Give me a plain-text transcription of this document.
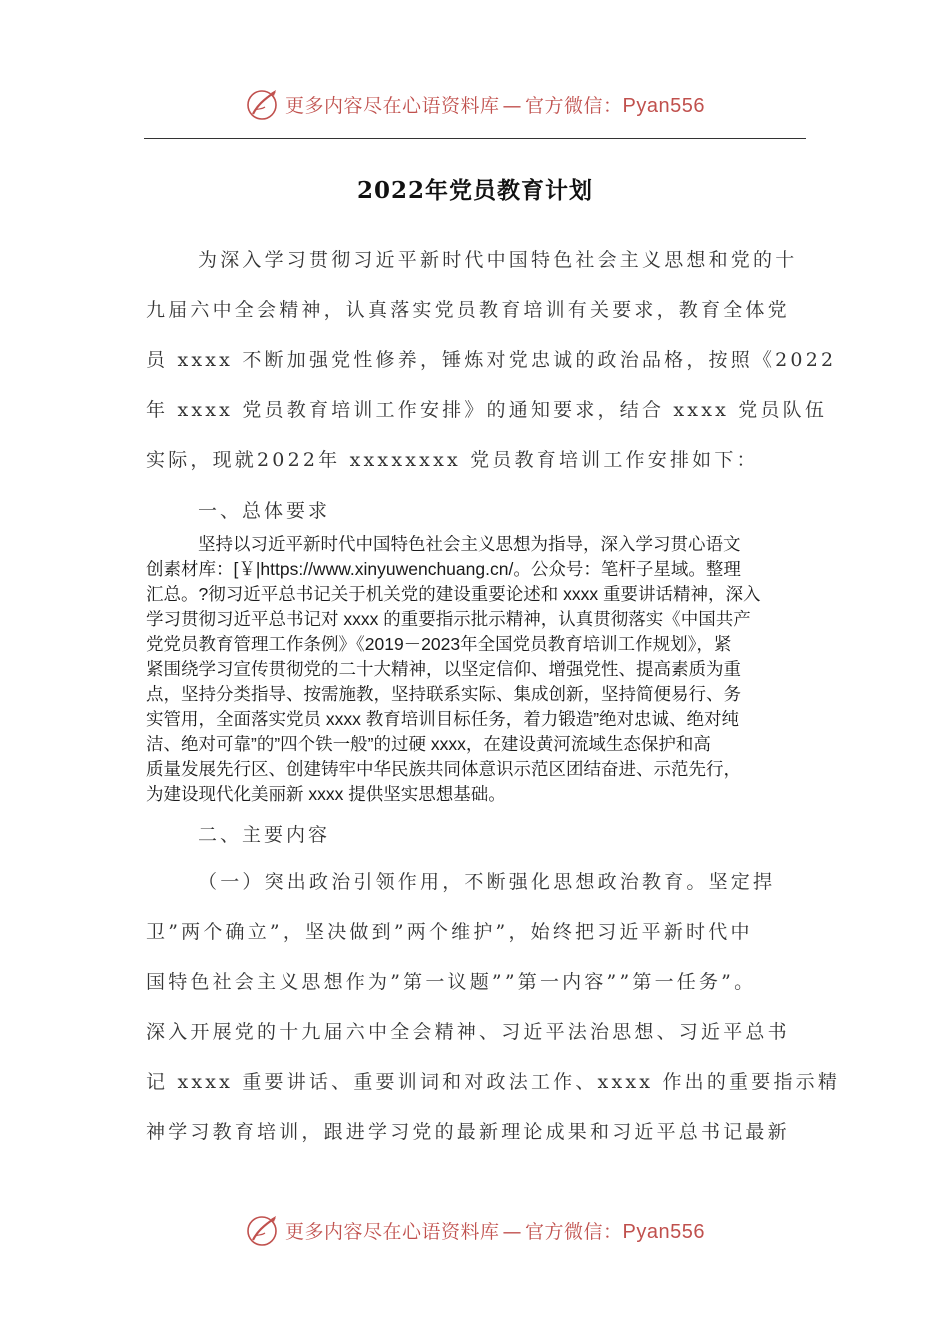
更多内容尽在心语资料库 — 官方微信：Pyan556
2022年党员教育计划
为深入学习贯彻习近平新时代中国特色社会主义思想和党的十
九届六中全会精神，认真落实党员教育培训有关要求，教育全体党
员 xxxx 不断加强党性修养，锤炼对党忠诚的政治品格，按照《2022
年 xxxx 党员教育培训工作安排》的通知要求，结合 xxxx 党员队伍
实际，现就2022年 xxxxxxxx 党员教育培训工作安排如下：
一、总体要求
坚持以习近平新时代中国特色社会主义思想为指导，深入学习贯心语文
创素材库：[￥|https://www.xinyuwenchuang.cn/。公众号：笔杆子星域。整理
汇总。?彻习近平总书记关于机关党的建设重要论述和 xxxx 重要讲话精神，深入
学习贯彻习近平总书记对 xxxx 的重要指示批示精神，认真贯彻落实《中国共产
党党员教育管理工作条例》《2019－2023年全国党员教育培训工作规划》，紧
紧围绕学习宣传贯彻党的二十大精神，以坚定信仰、增强党性、提高素质为重
点，坚持分类指导、按需施教，坚持联系实际、集成创新，坚持简便易行、务
实管用，全面落实党员 xxxx 教育培训目标任务，着力锻造”绝对忠诚、绝对纯
洁、绝对可靠”的”四个铁一般”的过硬 xxxx，在建设黄河流域生态保护和高
质量发展先行区、创建铸牢中华民族共同体意识示范区团结奋进、示范先行，
为建设现代化美丽新 xxxx 提供坚实思想基础。
二、主要内容
（一）突出政治引领作用，不断强化思想政治教育。坚定捍
卫”两个确立”，坚决做到”两个维护”，始终把习近平新时代中
国特色社会主义思想作为”第一议题””第一内容””第一任务”。
深入开展党的十九届六中全会精神、习近平法治思想、习近平总书
记 xxxx 重要讲话、重要训词和对政法工作、xxxx 作出的重要指示精
神学习教育培训，跟进学习党的最新理论成果和习近平总书记最新
更多内容尽在心语资料库 — 官方微信：Pyan556
